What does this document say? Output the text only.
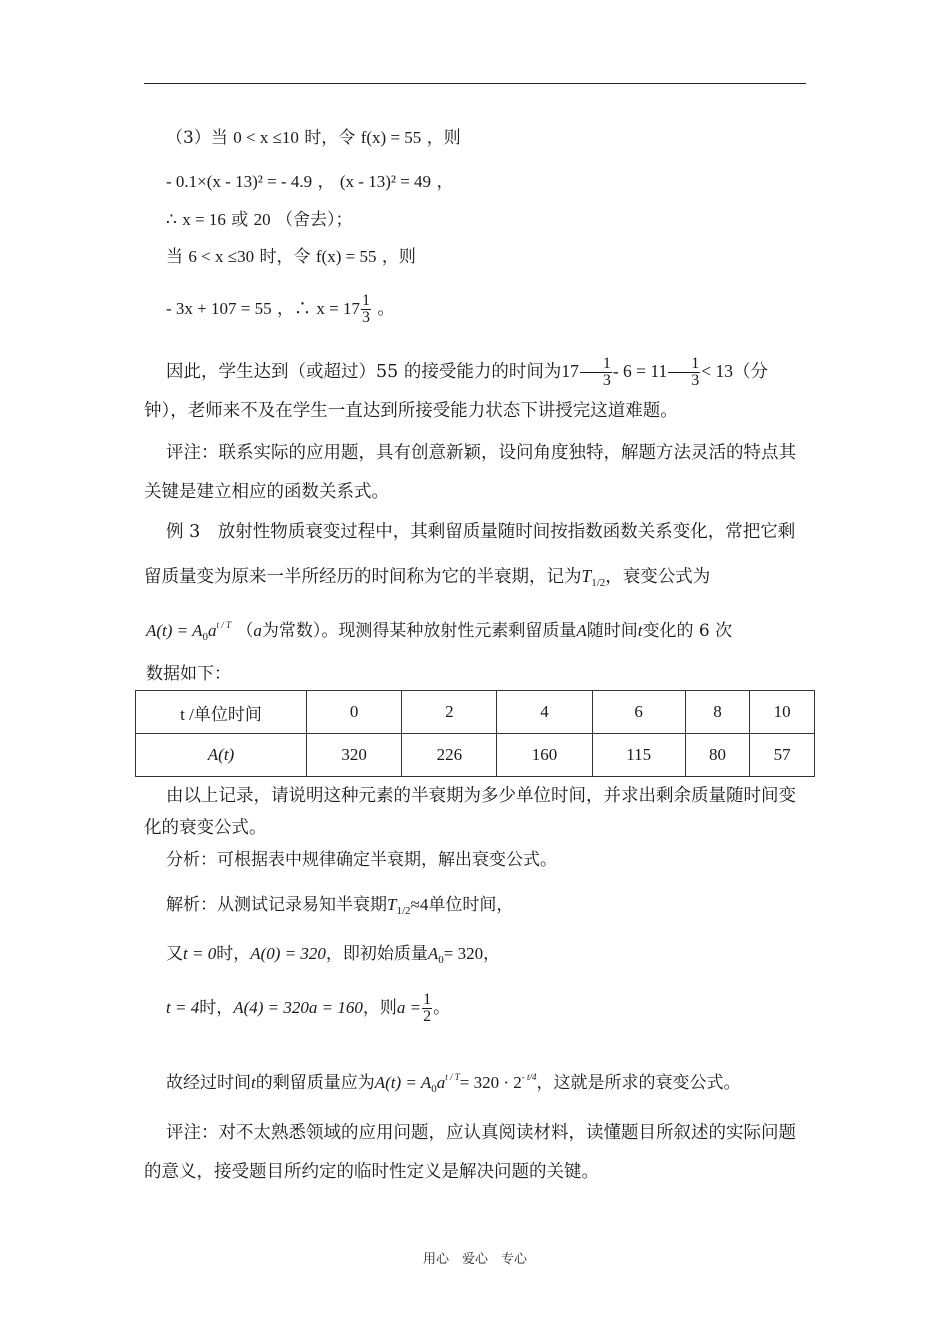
（3）当 0 < x ≤10 时，令 f(x) = 55 ，则
- 0.1×(x - 13)² = - 4.9 ， (x - 13)² = 49 ，
∴ x = 16 或 20 （舍去）；
当 6 < x ≤30 时，令 f(x) = 55 ，则
- 3x + 107 = 55 ，∴ $x = 17 \frac{1}{3}$ 。
因此，学生达到（或超过）55 的接受能力的时间为$17 \frac{1}{3} - 6 = 11 \frac{1}{3} < 13$（分钟），老师来不及在学生一直达到所接受能力状态下讲授完这道难题。
评注：联系实际的应用题，具有创意新颖，设问角度独特，解题方法灵活的特点其关键是建立相应的函数关系式。
例 3　放射性物质衰变过程中，其剩留质量随时间按指数函数关系变化，常把它剩留质量变为原来一半所经历的时间称为它的半衰期，记为$T_{1/2}$，衰变公式为
$A(t) = A_0a^{t / T}$ （a为常数）。现测得某种放射性元素剩留质量A随时间t变化的 6 次
数据如下：
t /单位时间	0	2	4	6	8	10
A(t)	320	226	160	115	80	57
由以上记录，请说明这种元素的半衰期为多少单位时间，并求出剩余质量随时间变化的衰变公式。
分析：可根据表中规律确定半衰期，解出衰变公式。
解析：从测试记录易知半衰期$T_{1/2}\approx 4$单位时间，
又t = 0时，A(0) = 320，即初始质量$A_0= 320$，
t = 4时，A(4) = 320a = 160，则$a = \frac{1}{2}$ 。
故经过时间t的剩留质量应为$A(t) = A_0a^{t / T}= 320 \cdot 2^{- t/4}$，这就是所求的衰变公式。
评注：对不太熟悉领域的应用问题，应认真阅读材料，读懂题目所叙述的实际问题的意义，接受题目所约定的临时性定义是解决问题的关键。
用心　爱心　专心
